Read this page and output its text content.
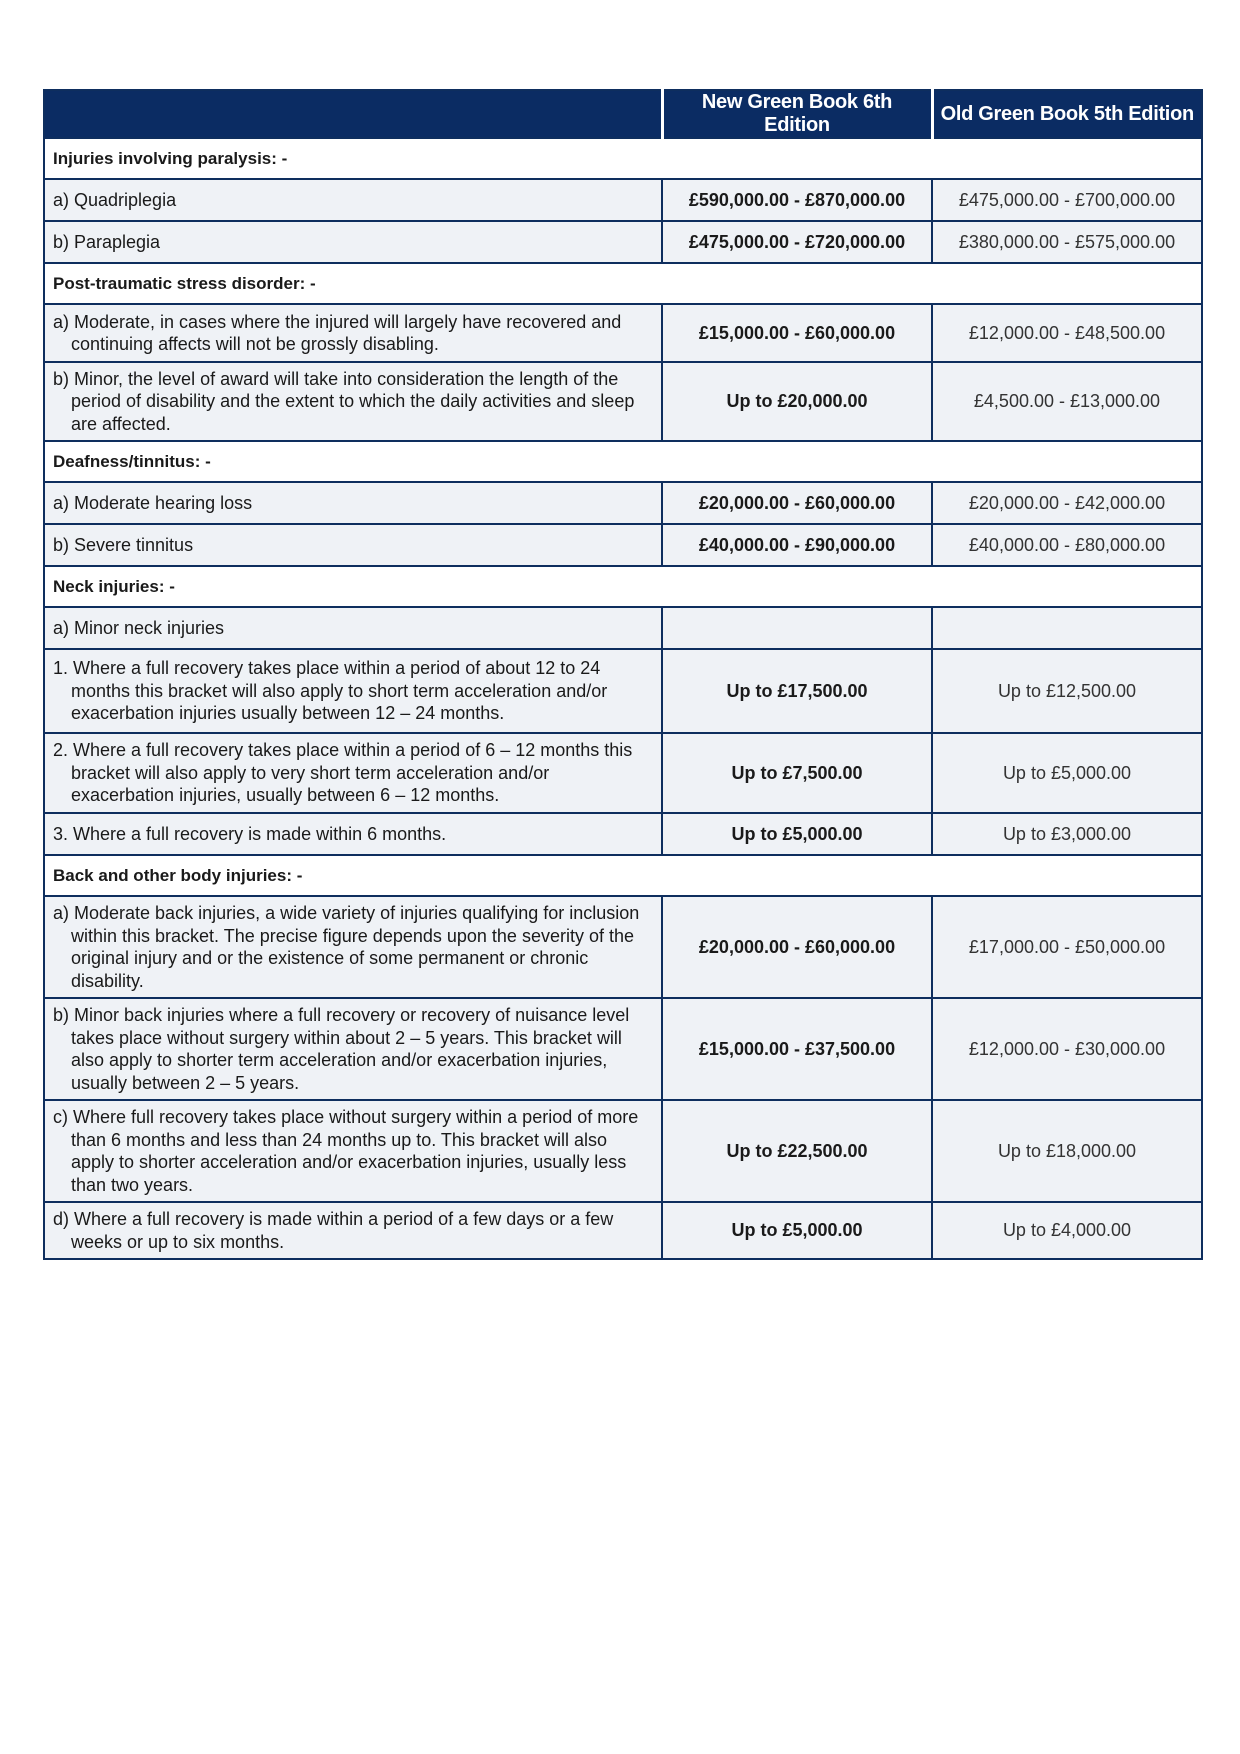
	New Green Book 6th Edition	Old Green Book 5th Edition
Injuries involving paralysis: -		
a) Quadriplegia	£590,000.00 - £870,000.00	£475,000.00 - £700,000.00
b) Paraplegia	£475,000.00 - £720,000.00	£380,000.00 - £575,000.00
Post-traumatic stress disorder: -		
a) Moderate, in cases where the injured will largely have recovered and continuing affects will not be grossly disabling.	£15,000.00 - £60,000.00	£12,000.00 - £48,500.00
b) Minor, the level of award will take into consideration the length of the period of disability and the extent to which the daily activities and sleep are affected.	Up to £20,000.00	£4,500.00 - £13,000.00
Deafness/tinnitus: -		
a) Moderate hearing loss	£20,000.00 - £60,000.00	£20,000.00 - £42,000.00
b) Severe tinnitus	£40,000.00 - £90,000.00	£40,000.00 - £80,000.00
Neck injuries: -		
a) Minor neck injuries		
1. Where a full recovery takes place within a period of about 12 to 24 months this bracket will also apply to short term acceleration and/or exacerbation injuries usually between 12 – 24 months.	Up to £17,500.00	Up to £12,500.00
2. Where a full recovery takes place within a period of 6 – 12 months this bracket will also apply to very short term acceleration and/or exacerbation injuries, usually between 6 – 12 months.	Up to £7,500.00	Up to £5,000.00
3. Where a full recovery is made within 6 months.	Up to £5,000.00	Up to £3,000.00
Back and other body injuries: -		
a) Moderate back injuries, a wide variety of injuries qualifying for inclusion within this bracket. The precise figure depends upon the severity of the original injury and or the existence of some permanent or chronic disability.	£20,000.00 - £60,000.00	£17,000.00 - £50,000.00
b) Minor back injuries where a full recovery or recovery of nuisance level takes place without surgery within about 2 – 5 years. This bracket will also apply to shorter term acceleration and/or exacerbation injuries, usually between 2 – 5 years.	£15,000.00 - £37,500.00	£12,000.00 - £30,000.00
c) Where full recovery takes place without surgery within a period of more than 6 months and less than 24 months up to. This bracket will also apply to shorter acceleration and/or exacerbation injuries, usually less than two years.	Up to £22,500.00	Up to £18,000.00
d) Where a full recovery is made within a period of a few days or a few weeks or up to six months.	Up to £5,000.00	Up to £4,000.00
